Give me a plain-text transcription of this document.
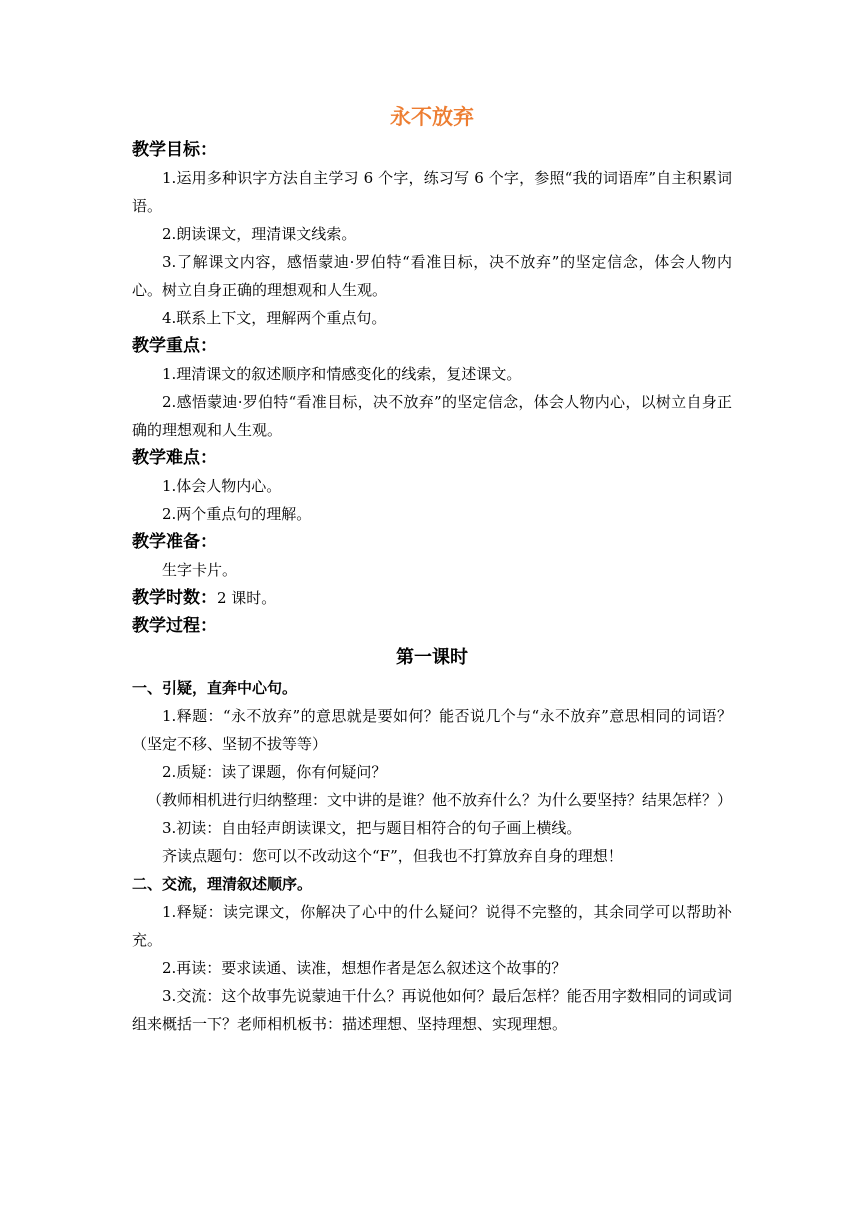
永不放弃
教学目标：

1.运用多种识字方法自主学习 6 个字，练习写 6 个字，参照“我的词语库”自主积累词语。

2.朗读课文，理清课文线索。

3.了解课文内容，感悟蒙迪·罗伯特“看准目标，决不放弃”的坚定信念，体会人物内心。树立自身正确的理想观和人生观。

4.联系上下文，理解两个重点句。

教学重点：

1.理清课文的叙述顺序和情感变化的线索，复述课文。

2.感悟蒙迪·罗伯特“看准目标，决不放弃”的坚定信念，体会人物内心，以树立自身正确的理想观和人生观。

教学难点：

1.体会人物内心。

2.两个重点句的理解。

教学准备：

生字卡片。

教学时数：2 课时。
教学过程：
第一课时
一、引疑，直奔中心句。

1.释题：“永不放弃”的意思就是要如何？能否说几个与“永不放弃”意思相同的词语？（坚定不移、坚韧不拔等等）

2.质疑：读了课题，你有何疑问？

（教师相机进行归纳整理：文中讲的是谁？他不放弃什么？为什么要坚持？结果怎样？）

3.初读：自由轻声朗读课文，把与题目相符合的句子画上横线。

齐读点题句：您可以不改动这个“F”，但我也不打算放弃自身的理想！

二、交流，理清叙述顺序。

1.释疑：读完课文，你解决了心中的什么疑问？说得不完整的，其余同学可以帮助补充。

2.再读：要求读通、读准，想想作者是怎么叙述这个故事的？

3.交流：这个故事先说蒙迪干什么？再说他如何？最后怎样？能否用字数相同的词或词组来概括一下？老师相机板书：描述理想、坚持理想、实现理想。
